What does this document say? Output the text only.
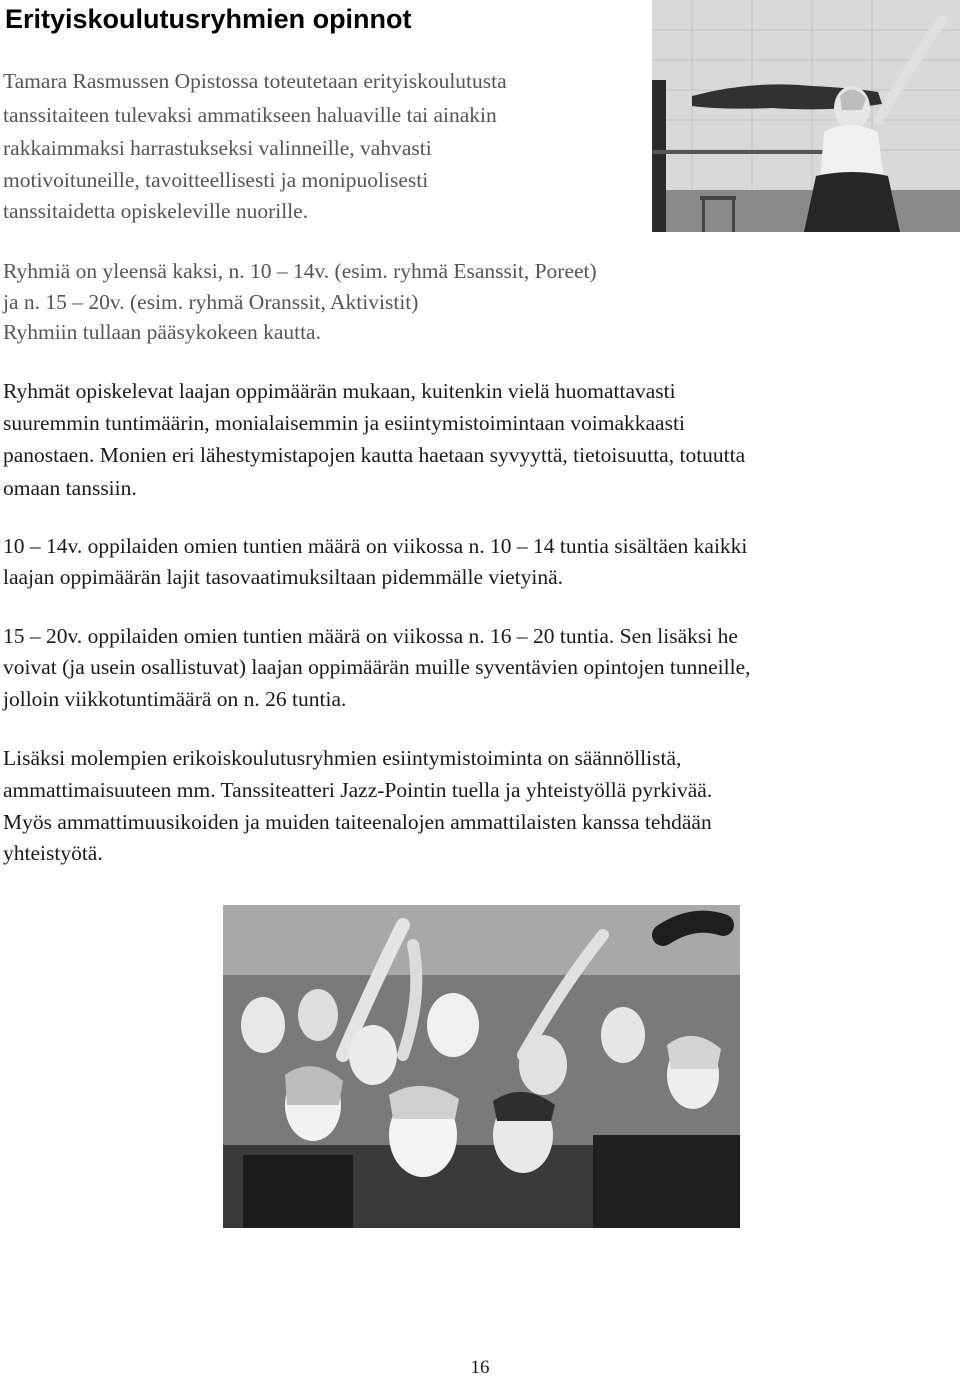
Erityiskoulutusryhmien opinnot
Tamara Rasmussen Opistossa toteutetaan erityiskoulutusta
tanssitaiteen tulevaksi ammatikseen haluaville tai ainakin
rakkaimmaksi harrastukseksi valinneille, vahvasti
motivoituneille, tavoitteellisesti ja monipuolisesti
tanssitaidetta opiskeleville nuorille.
Ryhmiä on yleensä kaksi, n. 10 – 14v. (esim. ryhmä Esanssit, Poreet)
ja n. 15 – 20v. (esim. ryhmä Oranssit, Aktivistit)
Ryhmiin tullaan pääsykokeen kautta.
Ryhmät opiskelevat laajan oppimäärän mukaan, kuitenkin vielä huomattavasti
suuremmin tuntimäärin, monialaisemmin ja esiintymistoimintaan voimakkaasti
panostaen. Monien eri lähestymistapojen kautta haetaan syvyyttä, tietoisuutta, totuutta
omaan tanssiin.
10 – 14v. oppilaiden omien tuntien määrä on viikossa n. 10 – 14 tuntia sisältäen kaikki
laajan oppimäärän lajit tasovaatimuksiltaan pidemmälle vietyinä.
15 – 20v. oppilaiden omien tuntien määrä on viikossa n. 16 – 20 tuntia. Sen lisäksi he
voivat (ja usein osallistuvat) laajan oppimäärän muille syventävien opintojen tunneille,
jolloin viikkotuntimäärä on n. 26 tuntia.
Lisäksi molempien erikoiskoulutusryhmien esiintymistoiminta on säännöllistä,
ammattimaisuuteen mm. Tanssiteatteri Jazz-Pointin tuella ja yhteistyöllä pyrkivää.
Myös ammattimuusikoiden ja muiden taiteenalojen ammattilaisten kanssa tehdään
yhteistyötä.
16
